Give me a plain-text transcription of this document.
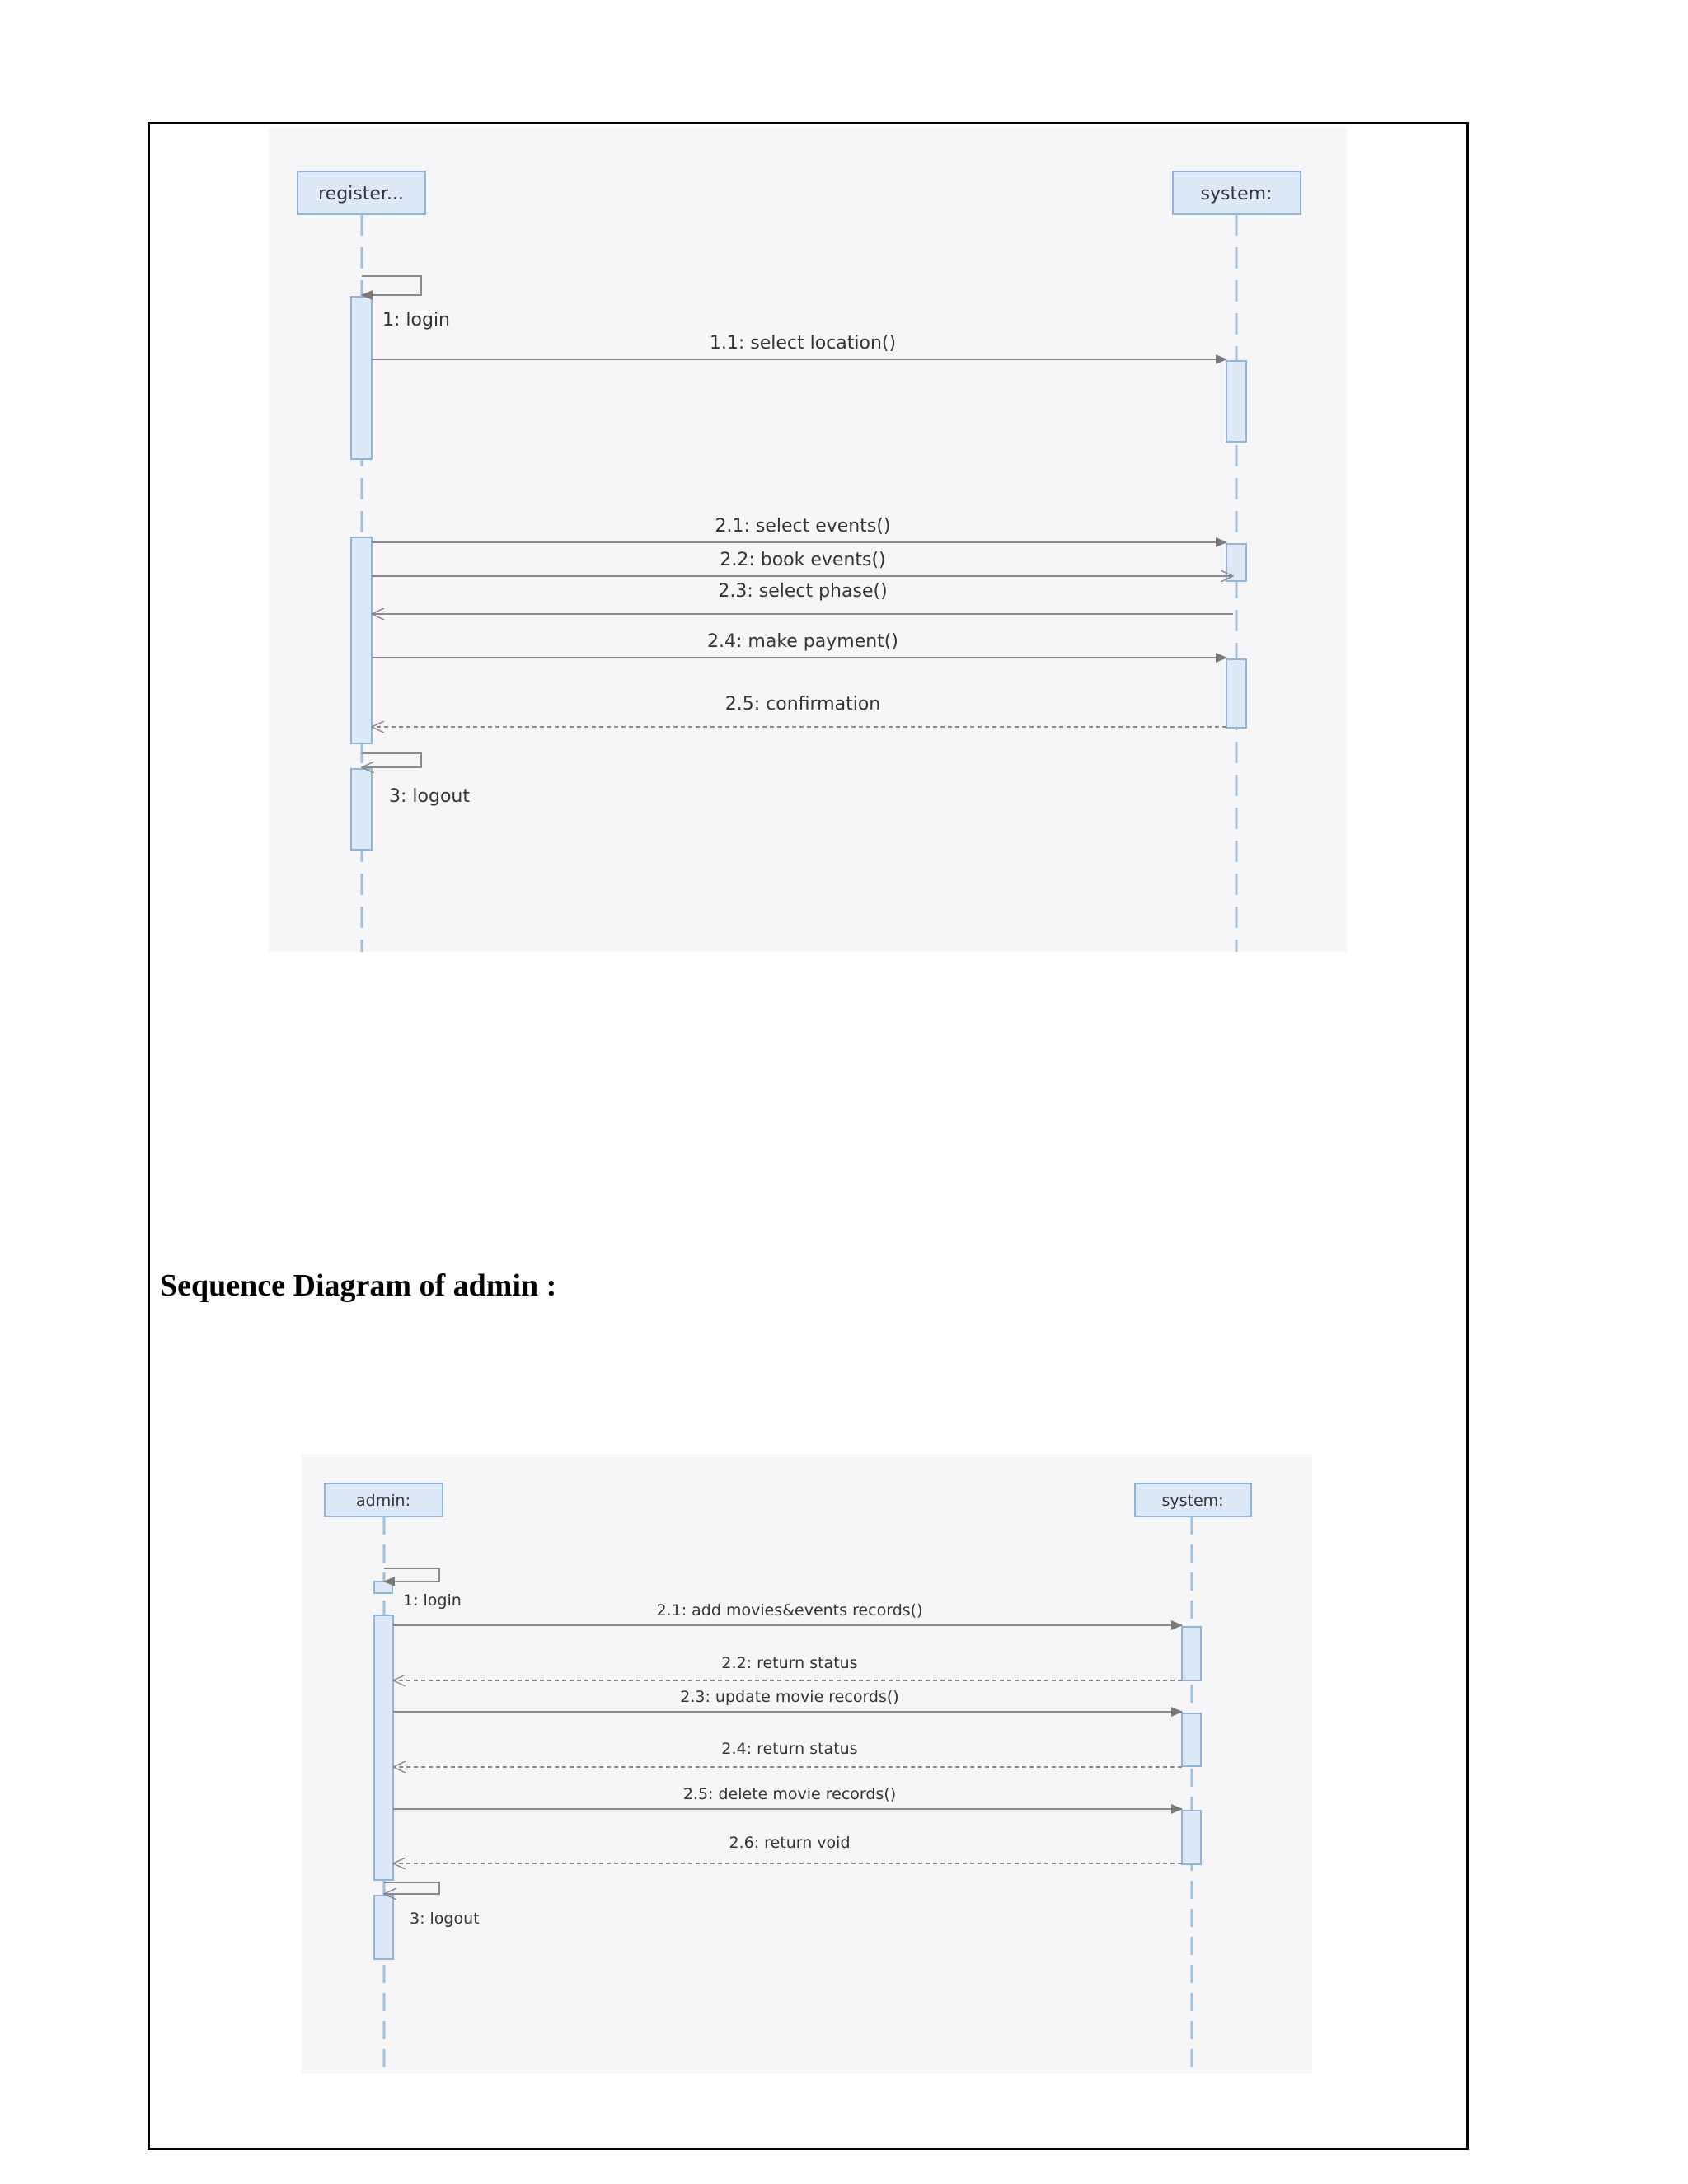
register...	system:
1: login
1.1: select location()
2.1: select events()
2.2: book events()
2.3: select phase()
2.4: make payment()
2.5: confirmation
3: logout
Sequence Diagram of admin :
admin:	system:
1: login
2.1: add movies&events records()
2.2: return status
2.3: update movie records()
2.4: return status
2.5: delete movie records()
2.6: return void
3: logout
